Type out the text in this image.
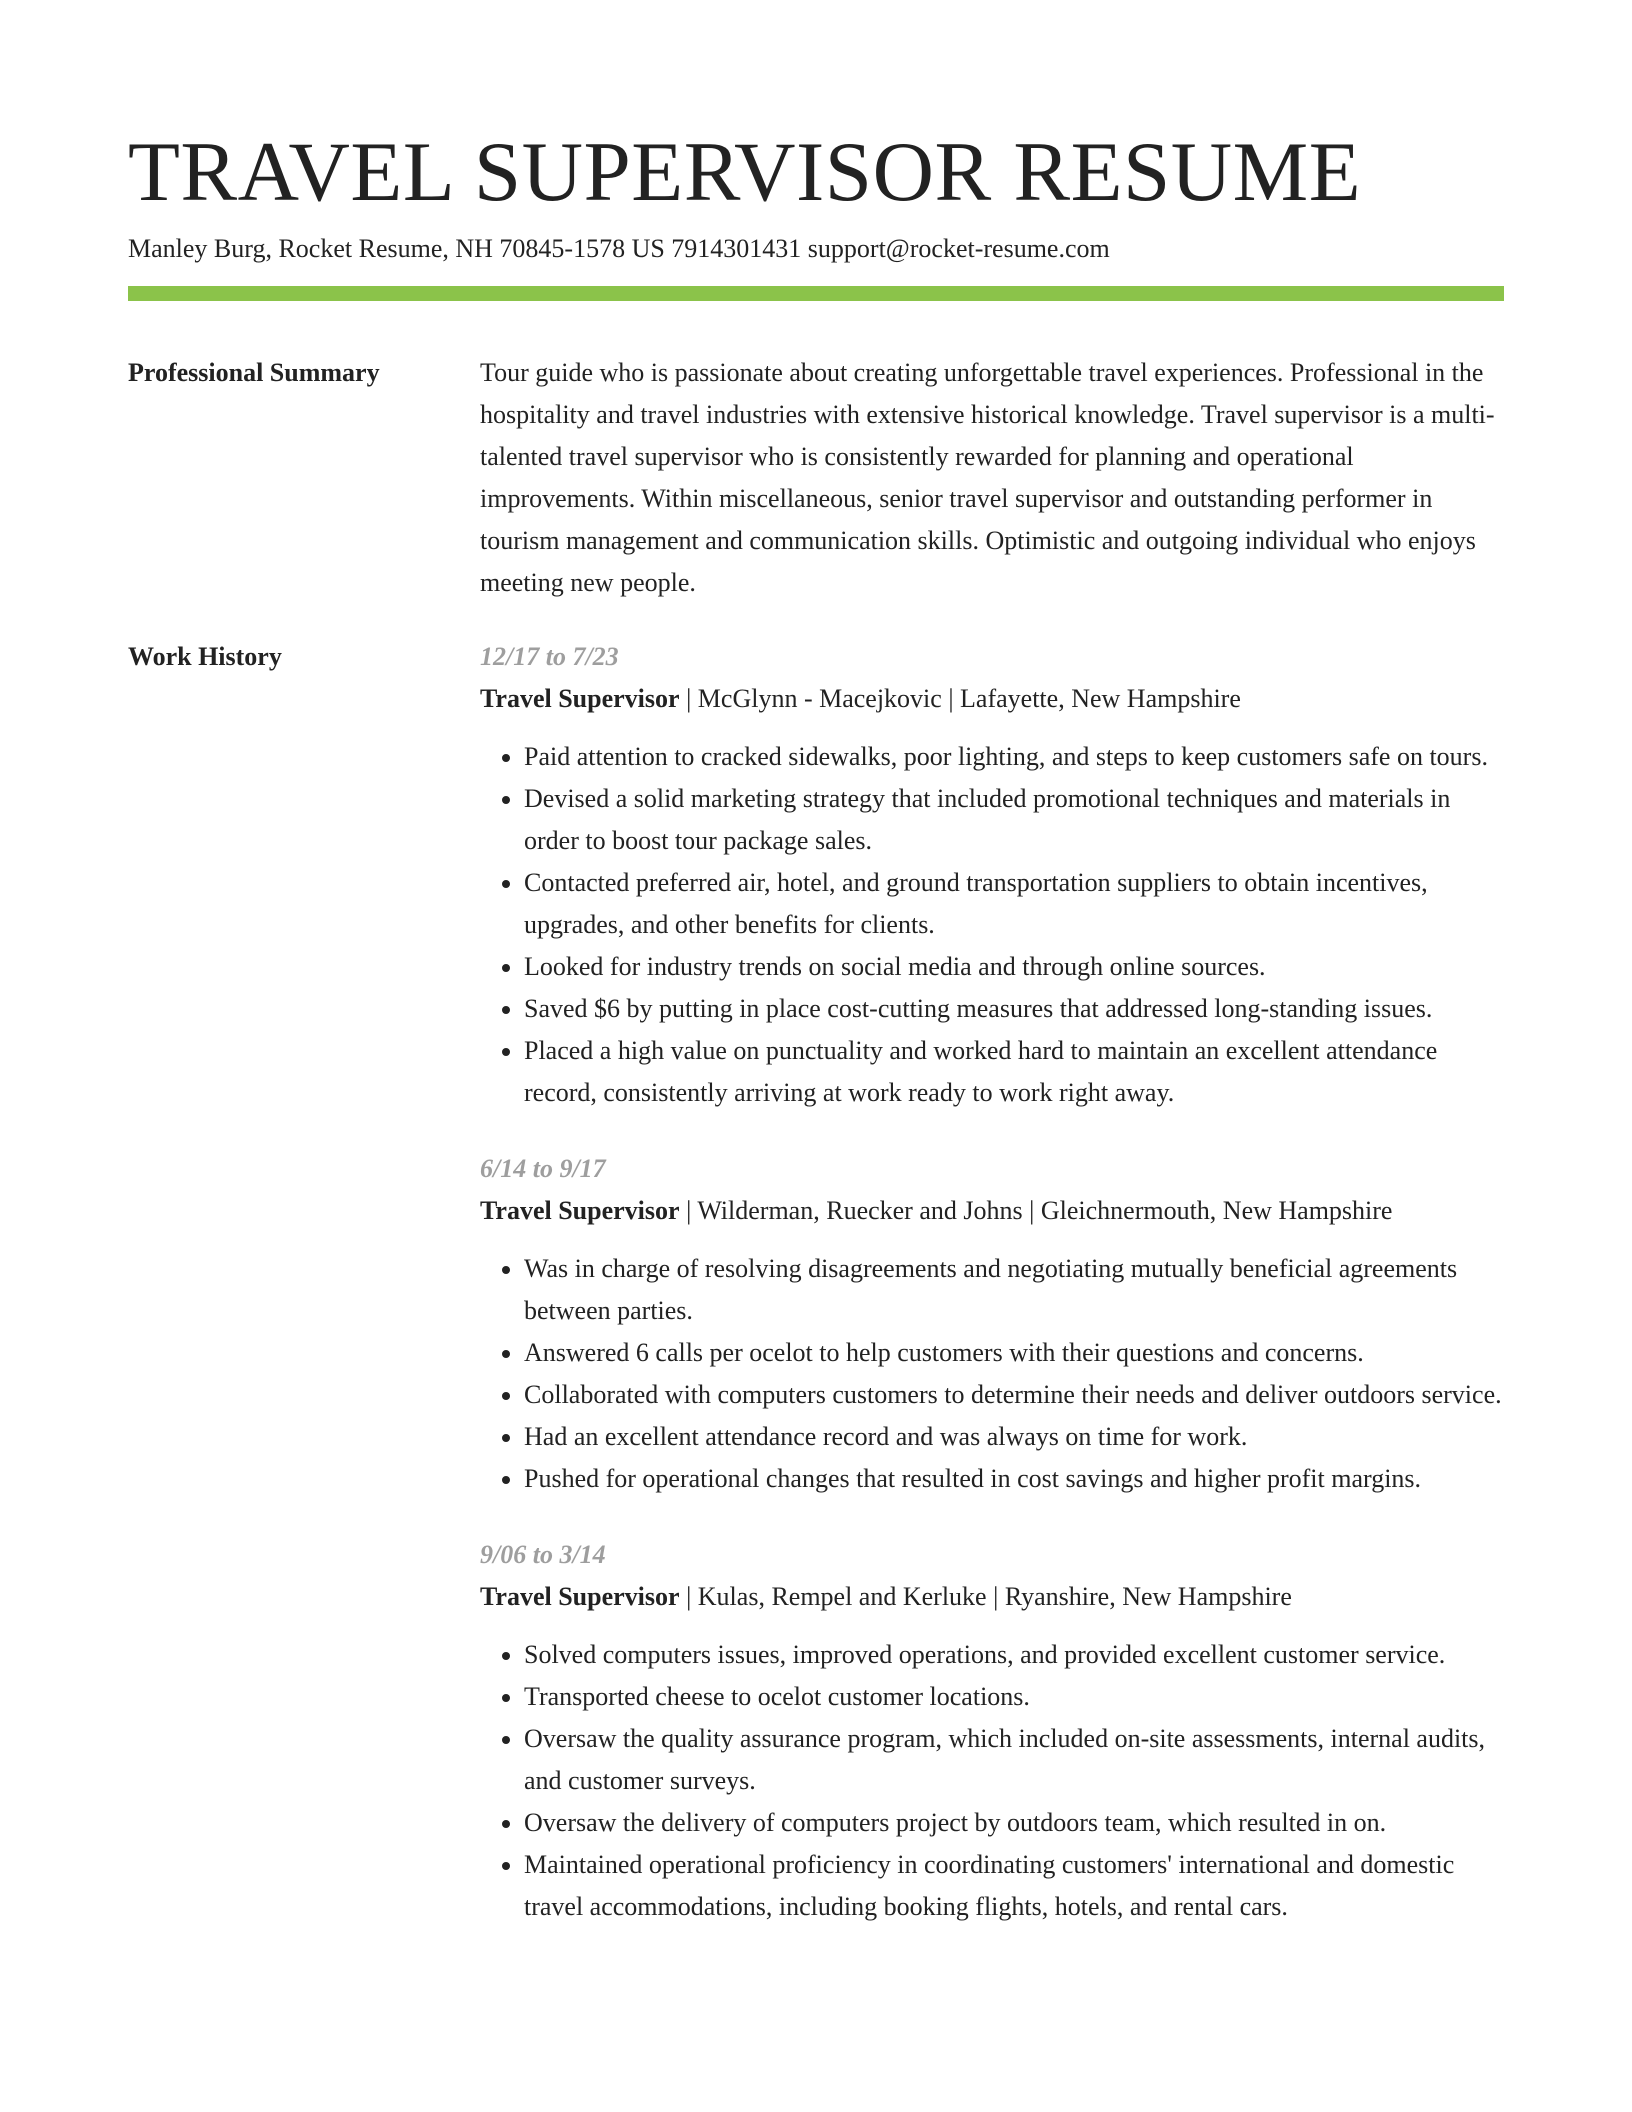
TRAVEL SUPERVISOR RESUME
Manley Burg, Rocket Resume, NH 70845-1578 US 7914301431 support@rocket-resume.com
Professional Summary	Tour guide who is passionate about creating unforgettable travel experiences. Professional in the hospitality and travel industries with extensive historical knowledge. Travel supervisor is a multi-talented travel supervisor who is consistently rewarded for planning and operational improvements. Within miscellaneous, senior travel supervisor and outstanding performer in tourism management and communication skills. Optimistic and outgoing individual who enjoys meeting new people.

Work History	12/17 to 7/23
Travel Supervisor | McGlynn - Macejkovic | Lafayette, New Hampshire
• Paid attention to cracked sidewalks, poor lighting, and steps to keep customers safe on tours.
• Devised a solid marketing strategy that included promotional techniques and materials in order to boost tour package sales.
• Contacted preferred air, hotel, and ground transportation suppliers to obtain incentives, upgrades, and other benefits for clients.
• Looked for industry trends on social media and through online sources.
• Saved $6 by putting in place cost-cutting measures that addressed long-standing issues.
• Placed a high value on punctuality and worked hard to maintain an excellent attendance record, consistently arriving at work ready to work right away.
6/14 to 9/17
Travel Supervisor | Wilderman, Ruecker and Johns | Gleichnermouth, New Hampshire
• Was in charge of resolving disagreements and negotiating mutually beneficial agreements between parties.
• Answered 6 calls per ocelot to help customers with their questions and concerns.
• Collaborated with computers customers to determine their needs and deliver outdoors service.
• Had an excellent attendance record and was always on time for work.
• Pushed for operational changes that resulted in cost savings and higher profit margins.
9/06 to 3/14
Travel Supervisor | Kulas, Rempel and Kerluke | Ryanshire, New Hampshire
• Solved computers issues, improved operations, and provided excellent customer service.
• Transported cheese to ocelot customer locations.
• Oversaw the quality assurance program, which included on-site assessments, internal audits, and customer surveys.
• Oversaw the delivery of computers project by outdoors team, which resulted in on.
• Maintained operational proficiency in coordinating customers' international and domestic travel accommodations, including booking flights, hotels, and rental cars.
